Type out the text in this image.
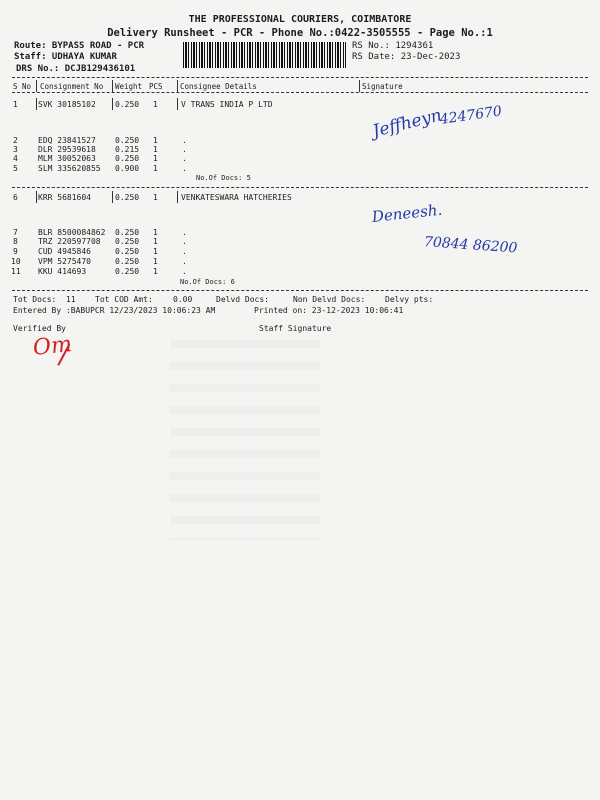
THE PROFESSIONAL COURIERS, COIMBATORE
Delivery Runsheet - PCR - Phone No.:0422-3505555 - Page No.:1
Route: BYPASS ROAD - PCR
Staff: UDHAYA KUMAR
DRS No.: DCJB129436101
RS No.: 1294361
RS Date: 23-Dec-2023
S No Consignment No Weight PCS Consignee Details	Signature
1	SVK 30185102 0.250 1	V TRANS INDIA P LTD
2	EDQ 23841527 0.250 1	.
3	DLR 29539618 0.215 1	.
4	MLM 30052063 0.250 1	.
5	SLM 335620855 0.900 1	.
No.Of Docs: 5
Jeffheyn
4247670
6	KRR 5681604	0.250 1	VENKATESWARA HATCHERIES
7	BLR 8500084862 0.250 1	.
8	TRZ 220597708 0.250 1	.
9	CUD 4945846	0.250 1	.
10 VPM 5275470	0.250 1	.
11 KKU 414693	0.250 1	.
No.Of Docs: 6
Deneesh.
70844 86200
Tot Docs: 11 Tot COD Amt:	0.00	Delvd Docs:	Non Delvd Docs: Delvy pts:
Entered By :BABUPCR 12/23/2023 10:06:23 AM	Printed on: 23-12-2023 10:06:41
Verified By	Staff Signature
Om
